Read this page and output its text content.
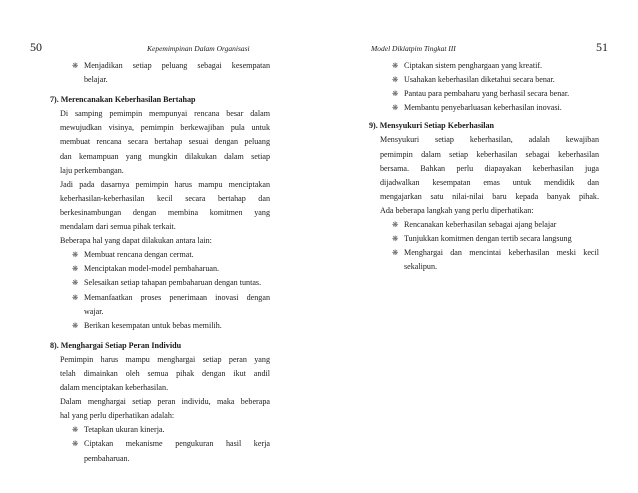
50	Kepemimpinan Dalam Organisasi
❋ Menjadikan setiap peluang sebagai kesempatan
belajar.
7). Merencanakan Keberhasilan Bertahap
Di samping pemimpin mempunyai rencana besar dalam
mewujudkan visinya, pemimpin berkewajiban pula untuk
membuat rencana secara bertahap sesuai dengan peluang
dan kemampuan yang mungkin dilakukan dalam setiap
laju perkembangan.
Jadi pada dasarnya pemimpin harus mampu menciptakan
keberhasilan-keberhasilan kecil secara bertahap dan
berkesinambungan dengan membina komitmen yang
mendalam dari semua pihak terkait.
Beberapa hal yang dapat dilakukan antara lain:
❋ Membuat rencana dengan cermat.
❋ Menciptakan model-model pembaharuan.
❋ Selesaikan setiap tahapan pembaharuan dengan tuntas.
❋ Memanfaatkan proses penerimaan inovasi dengan
wajar.
❋ Berikan kesempatan untuk bebas memilih.
8). Menghargai Setiap Peran Individu
Pemimpin harus mampu menghargai setiap peran yang
telah dimainkan oleh semua pihak dengan ikut andil
dalam menciptakan keberhasilan.
Dalam menghargai setiap peran individu, maka beberapa
hal yang perlu diperhatikan adalah:
❋ Tetapkan ukuran kinerja.
❋ Ciptakan mekanisme pengukuran hasil kerja
pembaharuan.
Model Diklatpim Tingkat III	51
❋ Ciptakan sistem penghargaan yang kreatif.
❋ Usahakan keberhasilan diketahui secara benar.
❋ Pantau para pembaharu yang berhasil secara benar.
❋ Membantu penyebarluasan keberhasilan inovasi.
9). Mensyukuri Setiap Keberhasilan
Mensyukuri setiap keberhasilan, adalah kewajiban
pemimpin dalam setiap keberhasilan sebagai keberhasilan
bersama. Bahkan perlu diapayakan keberhasilan juga
dijadwalkan kesempatan emas untuk mendidik dan
mengajarkan satu nilai-nilai baru kepada banyak pihak.
Ada beberapa langkah yang perlu diperhatikan:
❋ Rencanakan keberhasilan sebagai ajang belajar
❋ Tunjukkan komitmen dengan tertib secara langsung
❋ Menghargai dan mencintai keberhasilan meski kecil
sekalipun.
